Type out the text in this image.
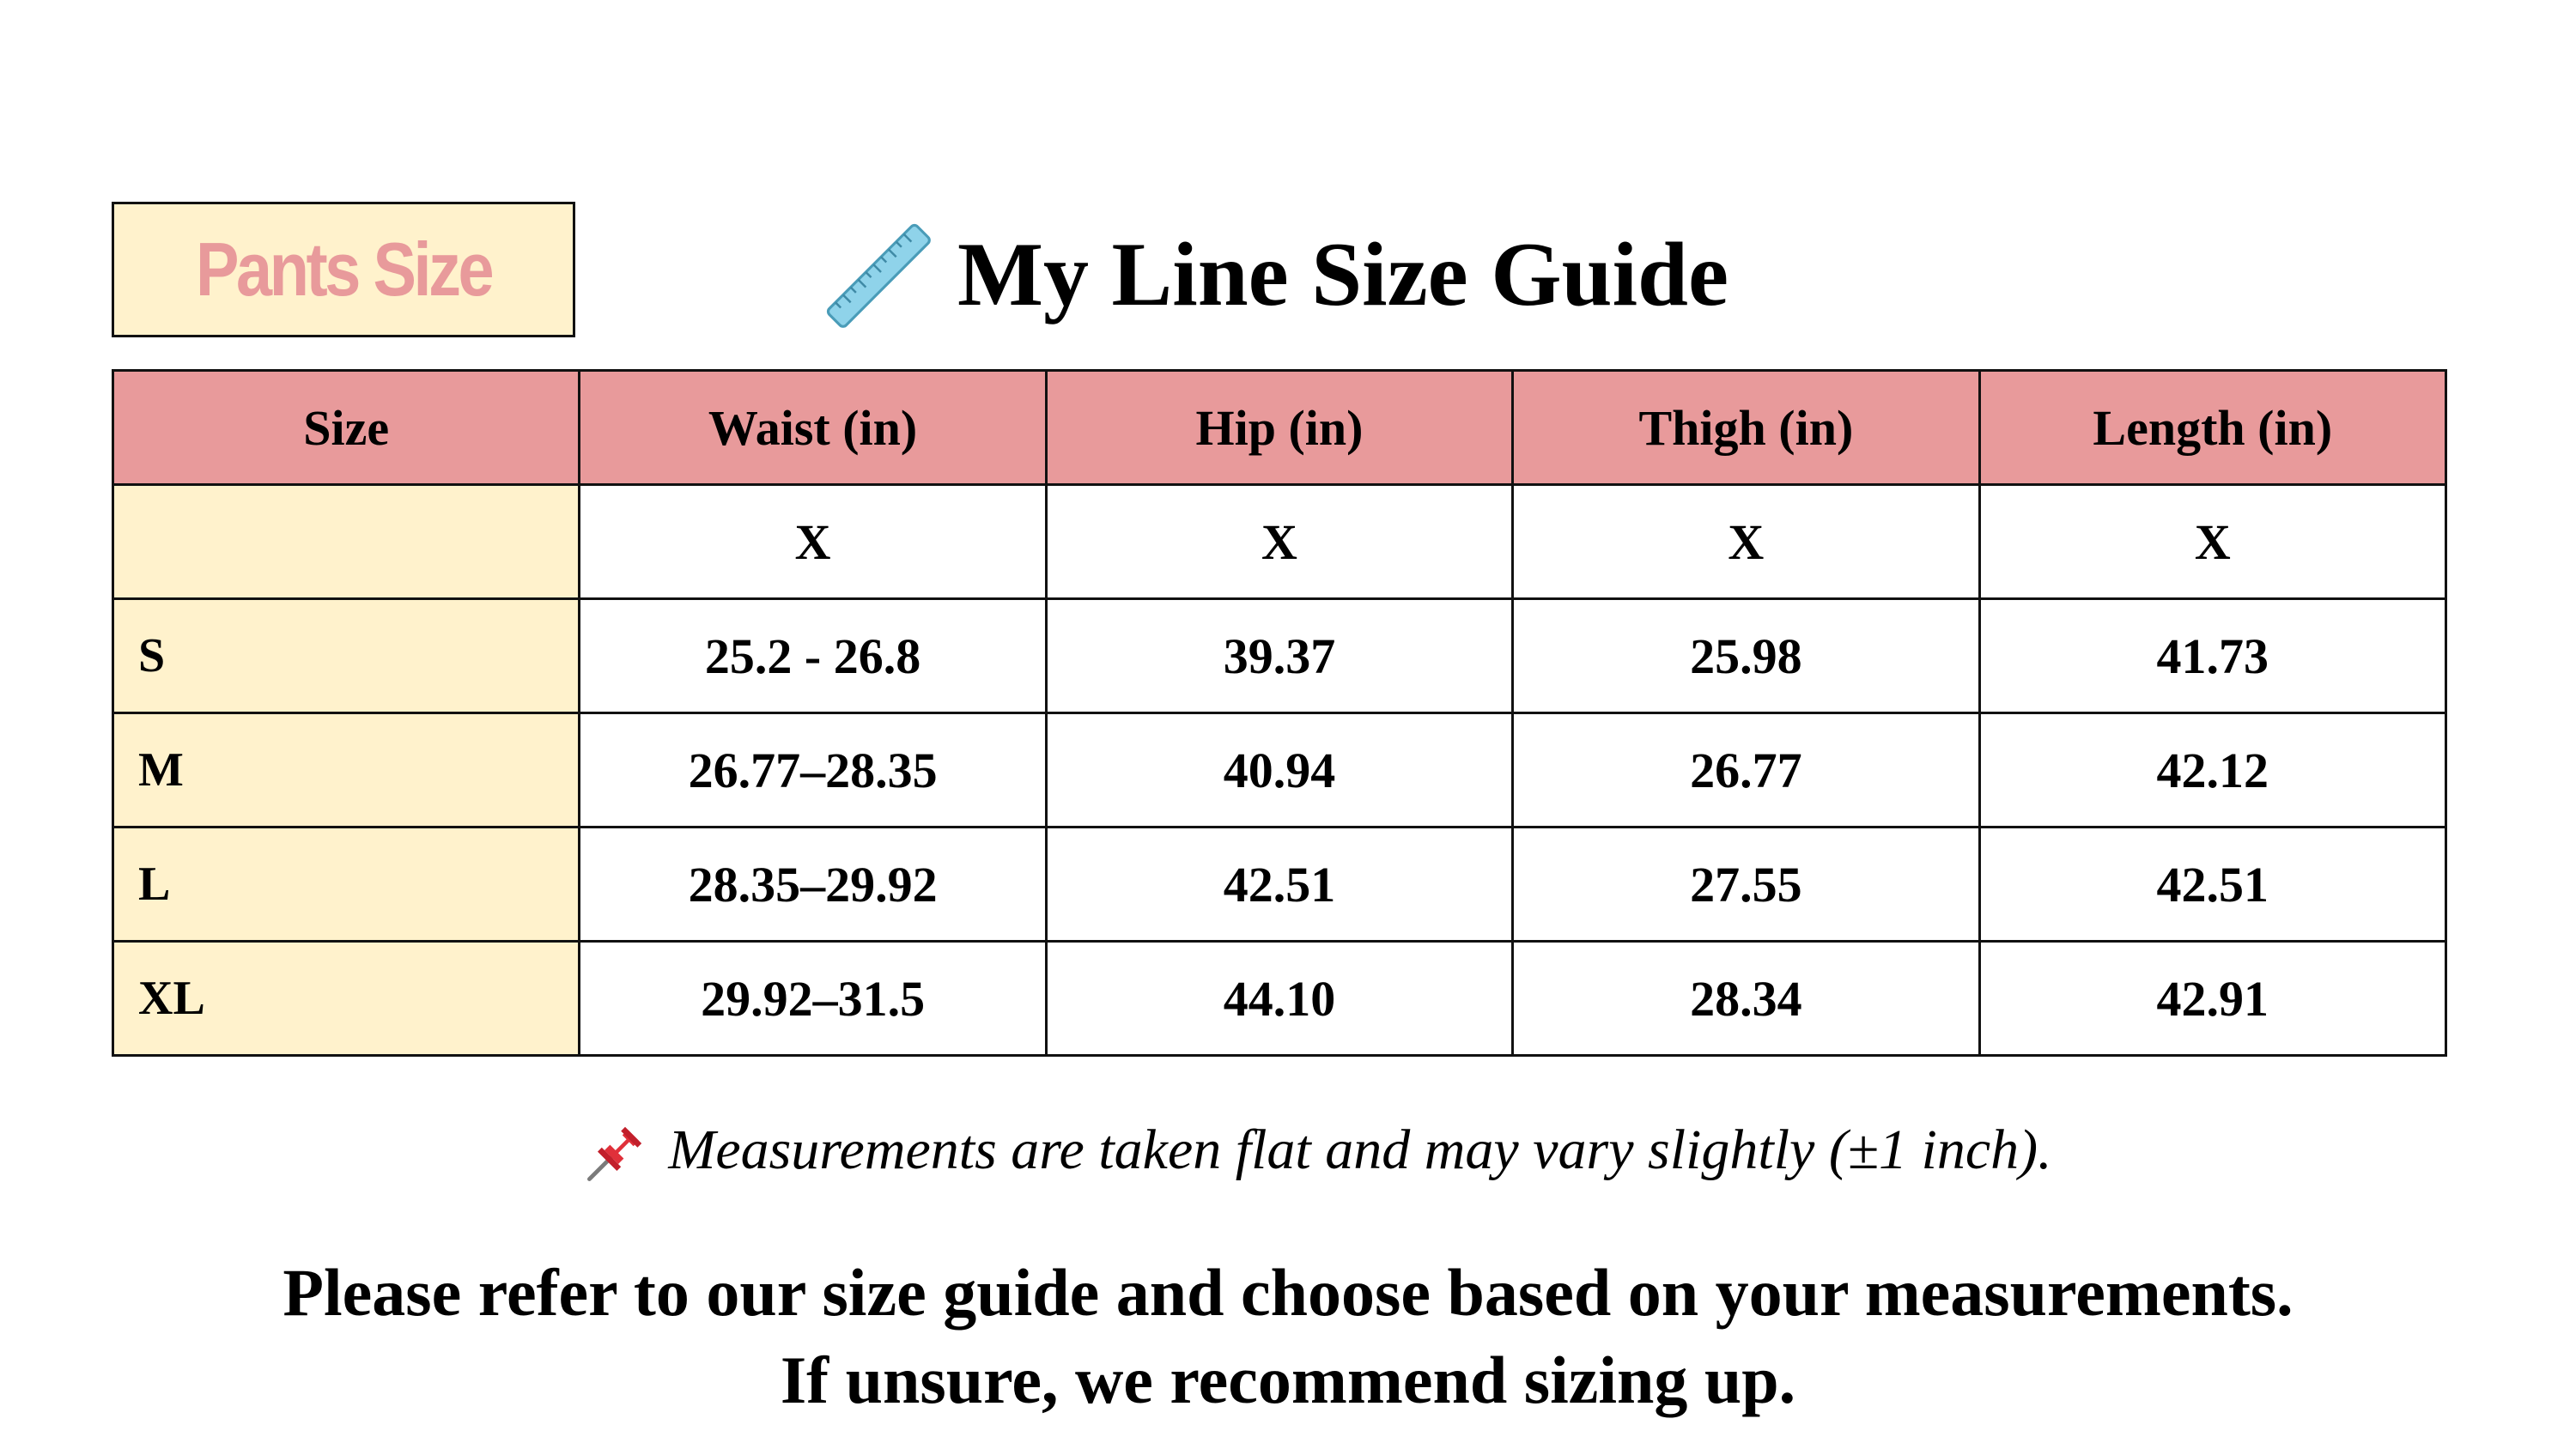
Pants Size	My Line Size Guide
Size	Waist (in)	Hip (in)	Thigh (in)	Length (in)
	X	X	X	X
S	25.2 - 26.8	39.37	25.98	41.73
M	26.77–28.35	40.94	26.77	42.12
L	28.35–29.92	42.51	27.55	42.51
XL	29.92–31.5	44.10	28.34	42.91
Measurements are taken flat and may vary slightly (±1 inch).
Please refer to our size guide and choose based on your measurements.
If unsure, we recommend sizing up.
